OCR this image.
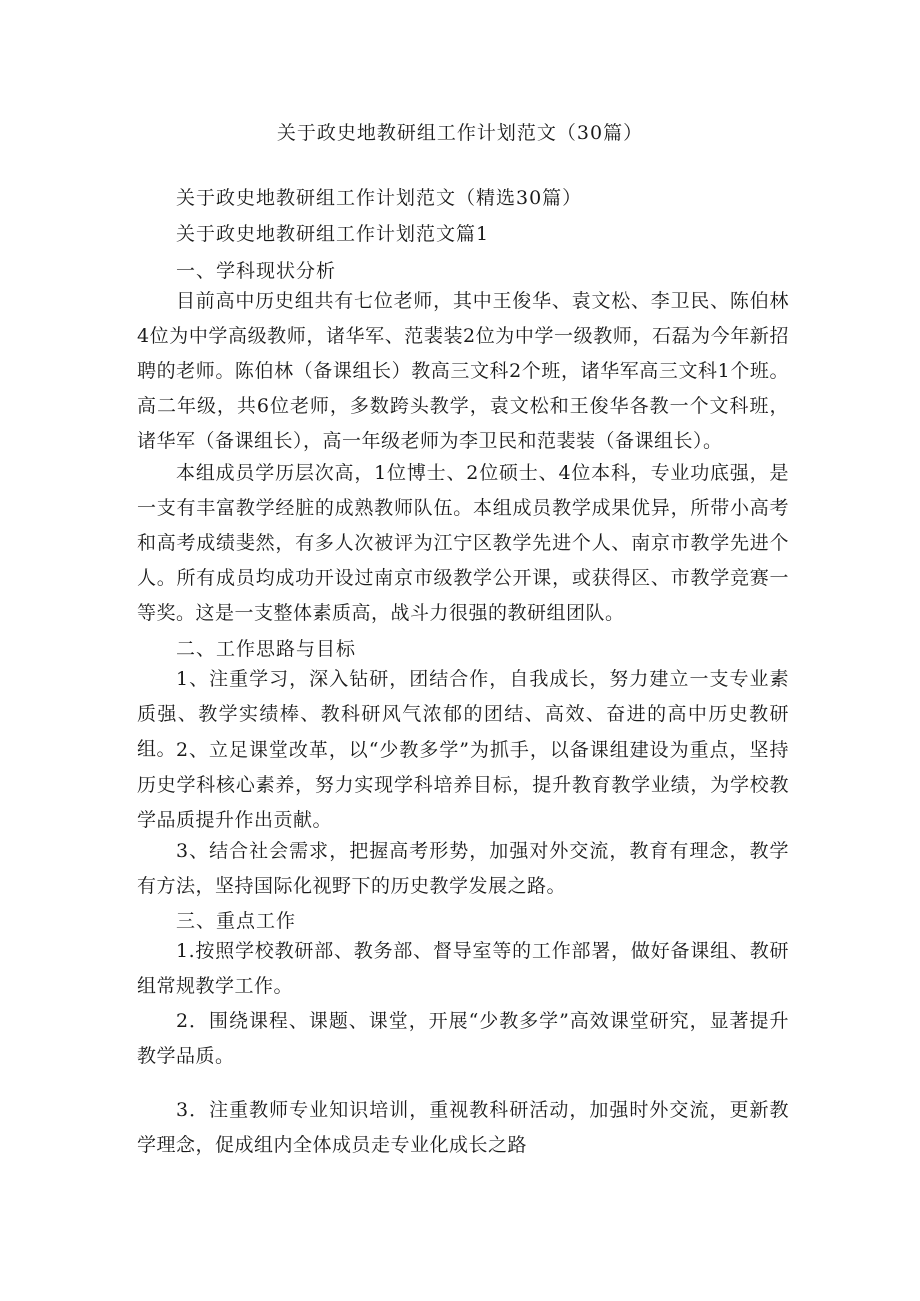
关于政史地教研组工作计划范文（30篇）
关于政史地教研组工作计划范文（精选30篇）
关于政史地教研组工作计划范文篇1
一、学科现状分析
目前高中历史组共有七位老师，其中王俊华、袁文松、李卫民、陈伯林4位为中学高级教师，诸华军、范裴装2位为中学一级教师，石磊为今年新招聘的老师。陈伯林（备课组长）教高三文科2个班，诸华军高三文科1个班。高二年级，共6位老师，多数跨头教学，袁文松和王俊华各教一个文科班，诸华军（备课组长），高一年级老师为李卫民和范裴装（备课组长）。
本组成员学历层次高，1位博士、2位硕士、4位本科，专业功底强，是一支有丰富教学经脏的成熟教师队伍。本组成员教学成果优异，所带小高考和高考成绩斐然，有多人次被评为江宁区教学先进个人、南京市教学先进个人。所有成员均成功开设过南京市级教学公开课，或获得区、市教学竞赛一等奖。这是一支整体素质高，战斗力很强的教研组团队。
二、工作思路与目标
1、注重学习，深入钻研，团结合作，自我成长，努力建立一支专业素质强、教学实绩棒、教科研风气浓郁的团结、高效、奋进的高中历史教研组。 2、立足课堂改革，以“少教多学”为抓手，以备课组建设为重点，坚持历史学科核心素养，努力实现学科培养目标，提升教育教学业绩，为学校教学品质提升作出贡献。
3、结合社会需求，把握高考形势，加强对外交流，教育有理念，教学有方法，坚持国际化视野下的历史教学发展之路。
三、重点工作
1.按照学校教研部、教务部、督导室等的工作部署，做好备课组、教研组常规教学工作。
2．围绕课程、课题、课堂，开展“少教多学”高效课堂研究，显著提升教学品质。
3．注重教师专业知识培训，重视教科研活动，加强时外交流，更新教学理念，促成组内全体成员走专业化成长之路
